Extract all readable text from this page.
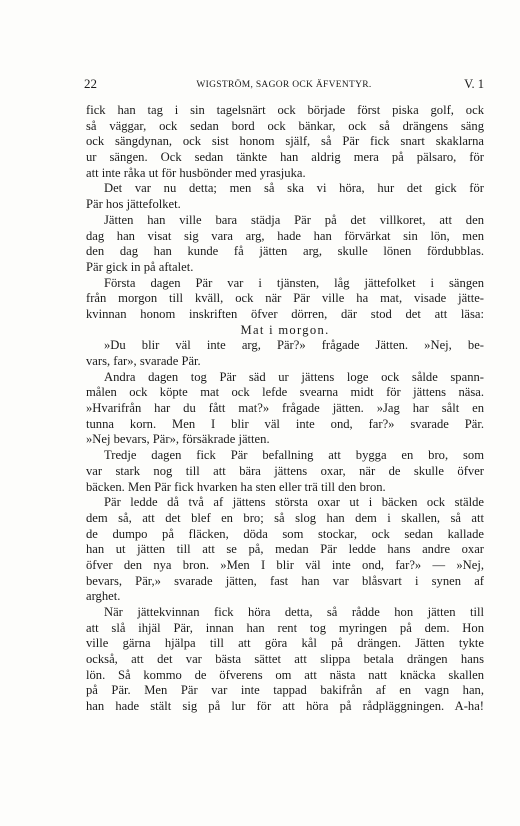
22	WIGSTRÖM, SAGOR OCK ÄFVENTYR.	V. 1
fick han tag i sin tagelsnärt ock började först piska golf, ock
så väggar, ock sedan bord ock bänkar, ock så drängens säng
ock sängdynan, ock sist honom själf, så Pär fick snart skaklarna
ur sängen. Ock sedan tänkte han aldrig mera på pälsaro, för
att inte råka ut för husbönder med yrasjuka.
Det var nu detta; men så ska vi höra, hur det gick för
Pär hos jättefolket.
Jätten han ville bara städja Pär på det villkoret, att den
dag han visat sig vara arg, hade han förvärkat sin lön, men
den dag han kunde få jätten arg, skulle lönen fördubblas.
Pär gick in på aftalet.
Första dagen Pär var i tjänsten, låg jättefolket i sängen
från morgon till kväll, ock när Pär ville ha mat, visade jätte-
kvinnan honom inskriften öfver dörren, där stod det att läsa:
Mat i morgon.
»Du blir väl inte arg, Pär?» frågade Jätten. »Nej, be-
vars, far», svarade Pär.
Andra dagen tog Pär säd ur jättens loge ock sålde spann-
målen ock köpte mat ock lefde svearna midt för jättens näsa.
»Hvarifrån har du fått mat?» frågade jätten. »Jag har sålt en
tunna korn. Men I blir väl inte ond, far?» svarade Pär.
»Nej bevars, Pär», försäkrade jätten.
Tredje dagen fick Pär befallning att bygga en bro, som
var stark nog till att bära jättens oxar, när de skulle öfver
bäcken. Men Pär fick hvarken ha sten eller trä till den bron.
Pär ledde då två af jättens största oxar ut i bäcken ock stälde
dem så, att det blef en bro; så slog han dem i skallen, så att
de dumpo på fläcken, döda som stockar, ock sedan kallade
han ut jätten till att se på, medan Pär ledde hans andre oxar
öfver den nya bron. »Men I blir väl inte ond, far?» — »Nej,
bevars, Pär,» svarade jätten, fast han var blåsvart i synen af
arghet.
När jättekvinnan fick höra detta, så rådde hon jätten till
att slå ihjäl Pär, innan han rent tog myringen på dem. Hon
ville gärna hjälpa till att göra kål på drängen. Jätten tykte
också, att det var bästa sättet att slippa betala drängen hans
lön. Så kommo de öfverens om att nästa natt knäcka skallen
på Pär. Men Pär var inte tappad bakifrån af en vagn han,
han hade stält sig på lur för att höra på rådpläggningen. A-ha!
